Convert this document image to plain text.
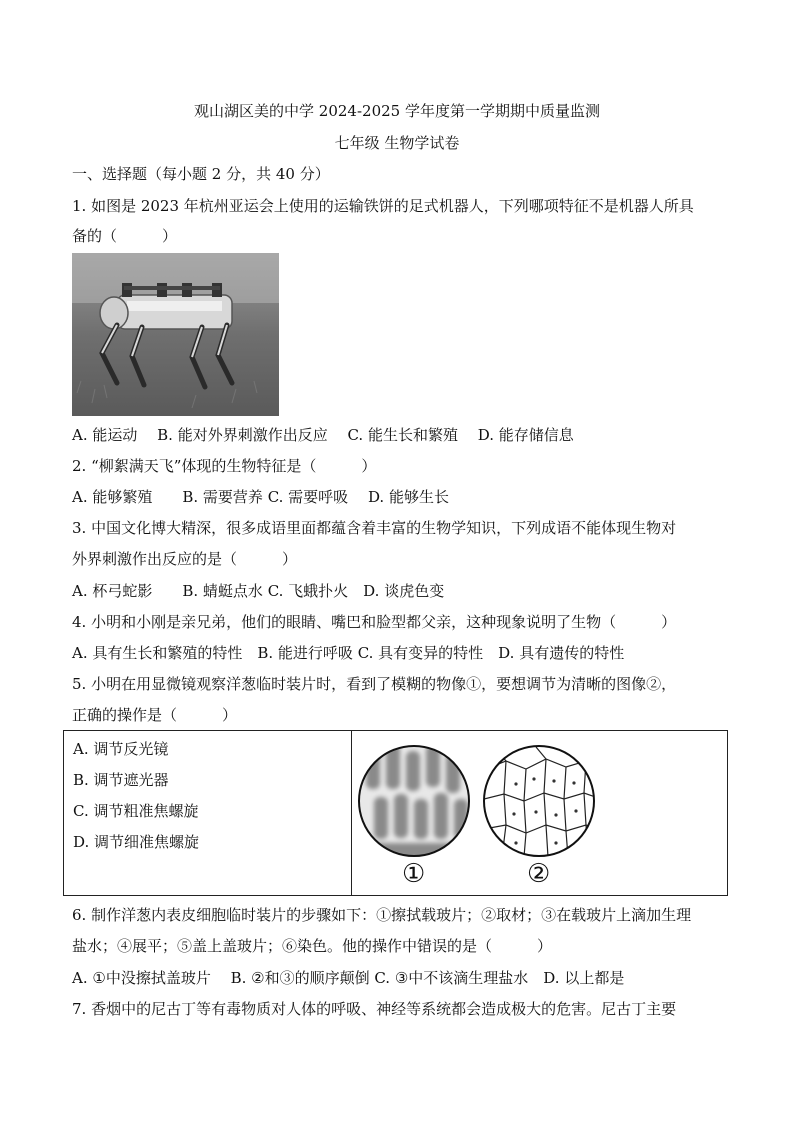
观山湖区美的中学 2024-2025 学年度第一学期期中质量监测
七年级 生物学试卷
一、选择题（每小题 2 分，共 40 分）
1. 如图是 2023 年杭州亚运会上使用的运输铁饼的足式机器人，下列哪项特征不是机器人所具
备的（　　　）
A. 能运动　 B. 能对外界刺激作出反应　 C. 能生长和繁殖　 D. 能存储信息
2. “柳絮满天飞”体现的生物特征是（　　　）
A. 能够繁殖　　B. 需要营养 C. 需要呼吸　 D. 能够生长
3. 中国文化博大精深，很多成语里面都蕴含着丰富的生物学知识，下列成语不能体现生物对
外界刺激作出反应的是（　　　）
A. 杯弓蛇影　　B. 蜻蜓点水 C. 飞蛾扑火　D. 谈虎色变
4. 小明和小刚是亲兄弟，他们的眼睛、嘴巴和脸型都父亲，这种现象说明了生物（　　　）
A. 具有生长和繁殖的特性　B. 能进行呼吸 C. 具有变异的特性　D. 具有遗传的特性
5. 小明在用显微镜观察洋葱临时装片时，看到了模糊的物像①，要想调节为清晰的图像②，
正确的操作是（　　　）
A. 调节反光镜
B. 调节遮光器
C. 调节粗准焦螺旋
D. 调节细准焦螺旋
①	②
6. 制作洋葱内表皮细胞临时装片的步骤如下：①擦拭载玻片；②取材；③在载玻片上滴加生理
盐水；④展平；⑤盖上盖玻片；⑥染色。他的操作中错误的是（　　　）
A. ①中没擦拭盖玻片　 B. ②和③的顺序颠倒 C. ③中不该滴生理盐水　D. 以上都是
7. 香烟中的尼古丁等有毒物质对人体的呼吸、神经等系统都会造成极大的危害。尼古丁主要
